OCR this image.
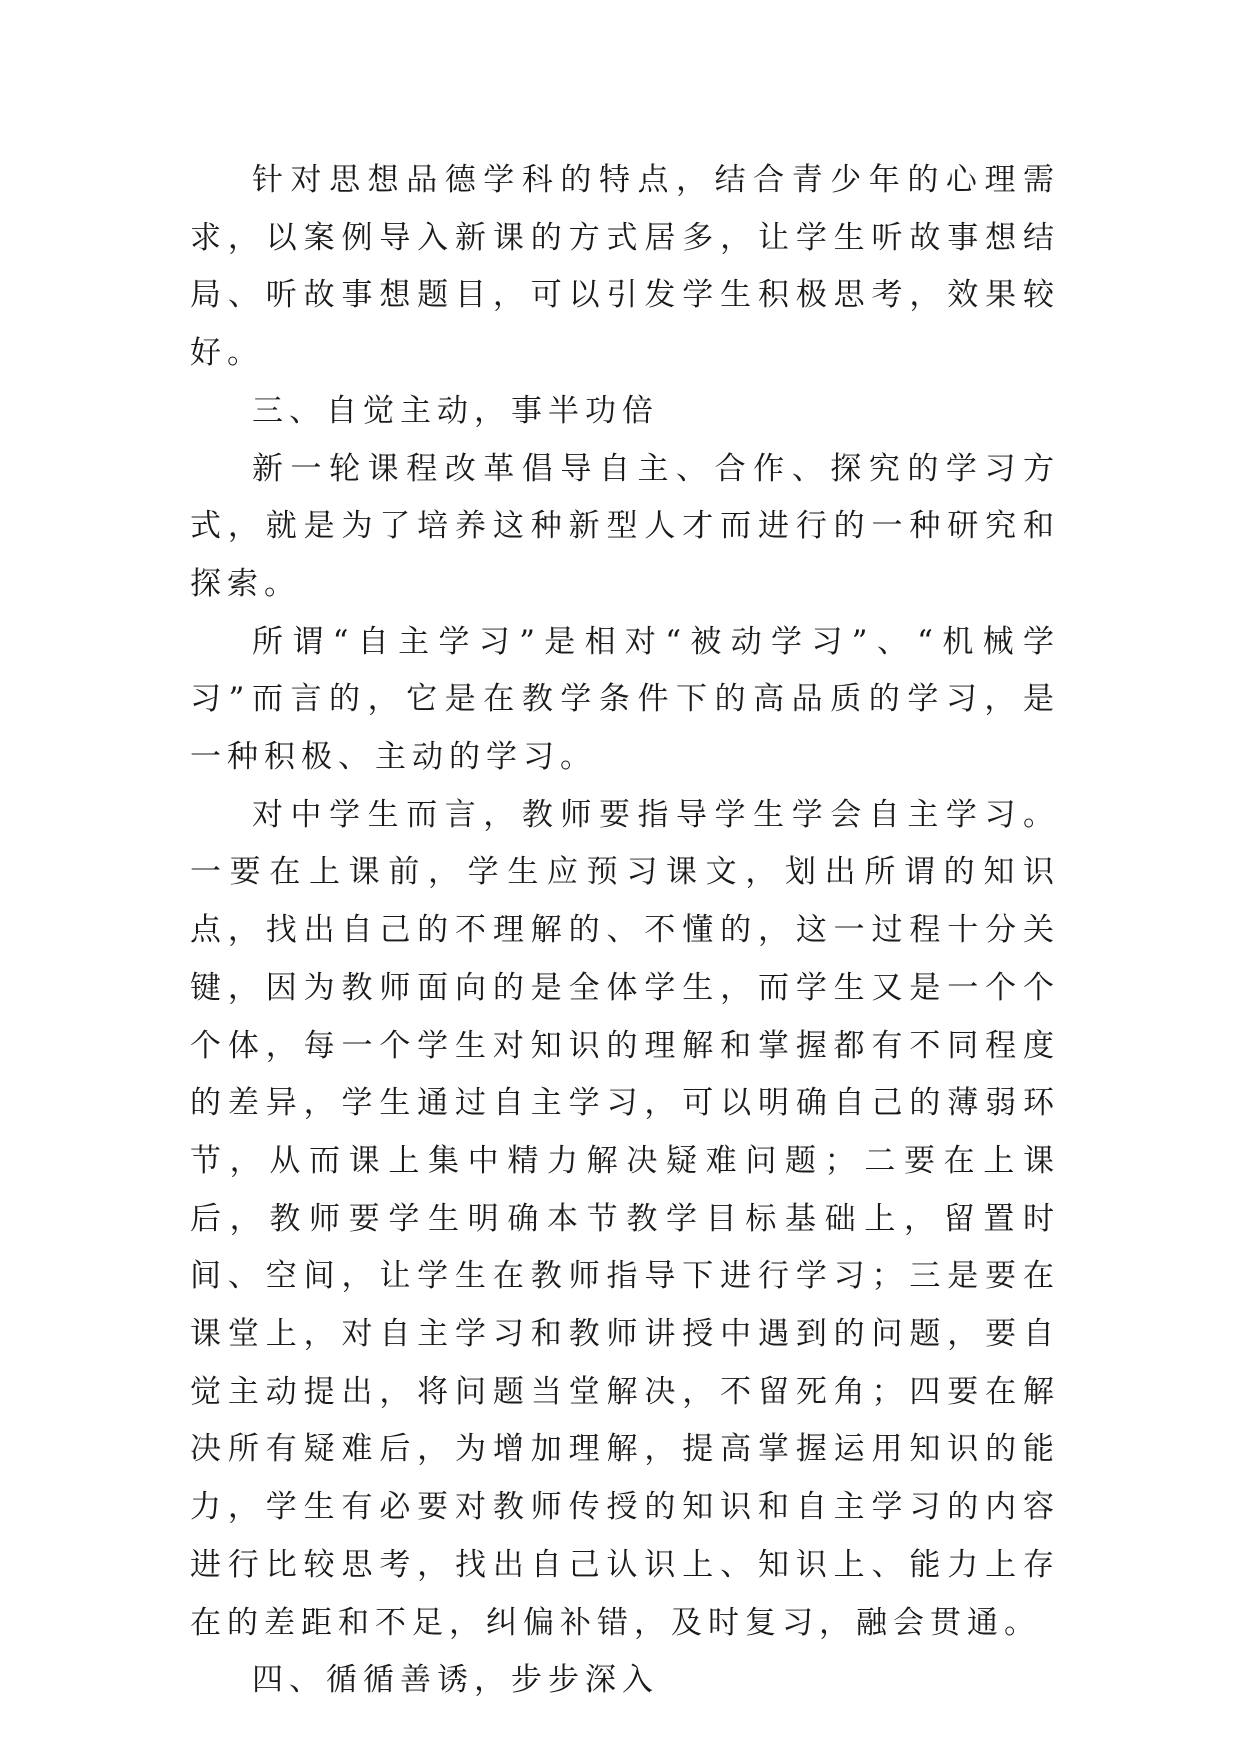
针对思想品德学科的特点，结合青少年的心理需求，以案例导入新课的方式居多，让学生听故事想结局、听故事想题目，可以引发学生积极思考，效果较好。

三、自觉主动，事半功倍

新一轮课程改革倡导自主、合作、探究的学习方式，就是为了培养这种新型人才而进行的一种研究和探索。

所谓“自主学习”是相对“被动学习”、“机械学习”而言的，它是在教学条件下的高品质的学习，是一种积极、主动的学习。

对中学生而言，教师要指导学生学会自主学习。一要在上课前，学生应预习课文，划出所谓的知识点，找出自己的不理解的、不懂的，这一过程十分关键，因为教师面向的是全体学生，而学生又是一个个个体，每一个学生对知识的理解和掌握都有不同程度的差异，学生通过自主学习，可以明确自己的薄弱环节，从而课上集中精力解决疑难问题；二要在上课后，教师要学生明确本节教学目标基础上，留置时间、空间，让学生在教师指导下进行学习；三是要在课堂上，对自主学习和教师讲授中遇到的问题，要自觉主动提出，将问题当堂解决，不留死角；四要在解决所有疑难后，为增加理解，提高掌握运用知识的能力，学生有必要对教师传授的知识和自主学习的内容进行比较思考，找出自己认识上、知识上、能力上存在的差距和不足，纠偏补错，及时复习，融会贯通。

四、循循善诱，步步深入
